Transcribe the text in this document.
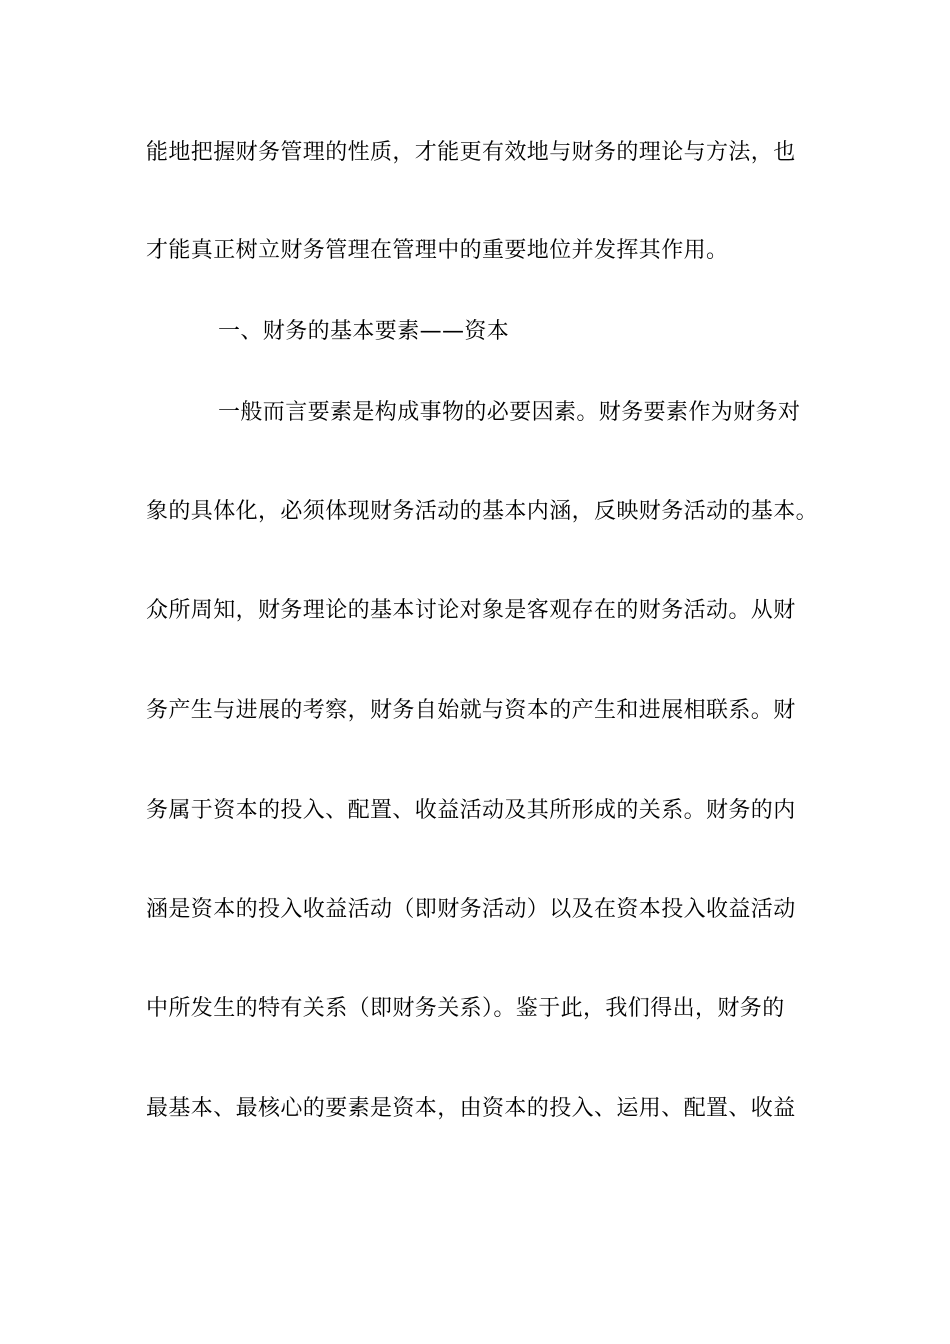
能地把握财务管理的性质，才能更有效地与财务的理论与方法，也
才能真正树立财务管理在管理中的重要地位并发挥其作用。
一、财务的基本要素——资本
一般而言要素是构成事物的必要因素。财务要素作为财务对
象的具体化，必须体现财务活动的基本内涵，反映财务活动的基本。
众所周知，财务理论的基本讨论对象是客观存在的财务活动。从财
务产生与进展的考察，财务自始就与资本的产生和进展相联系。财
务属于资本的投入、配置、收益活动及其所形成的关系。财务的内
涵是资本的投入收益活动（即财务活动）以及在资本投入收益活动
中所发生的特有关系（即财务关系）。鉴于此，我们得出，财务的
最基本、最核心的要素是资本，由资本的投入、运用、配置、收益
